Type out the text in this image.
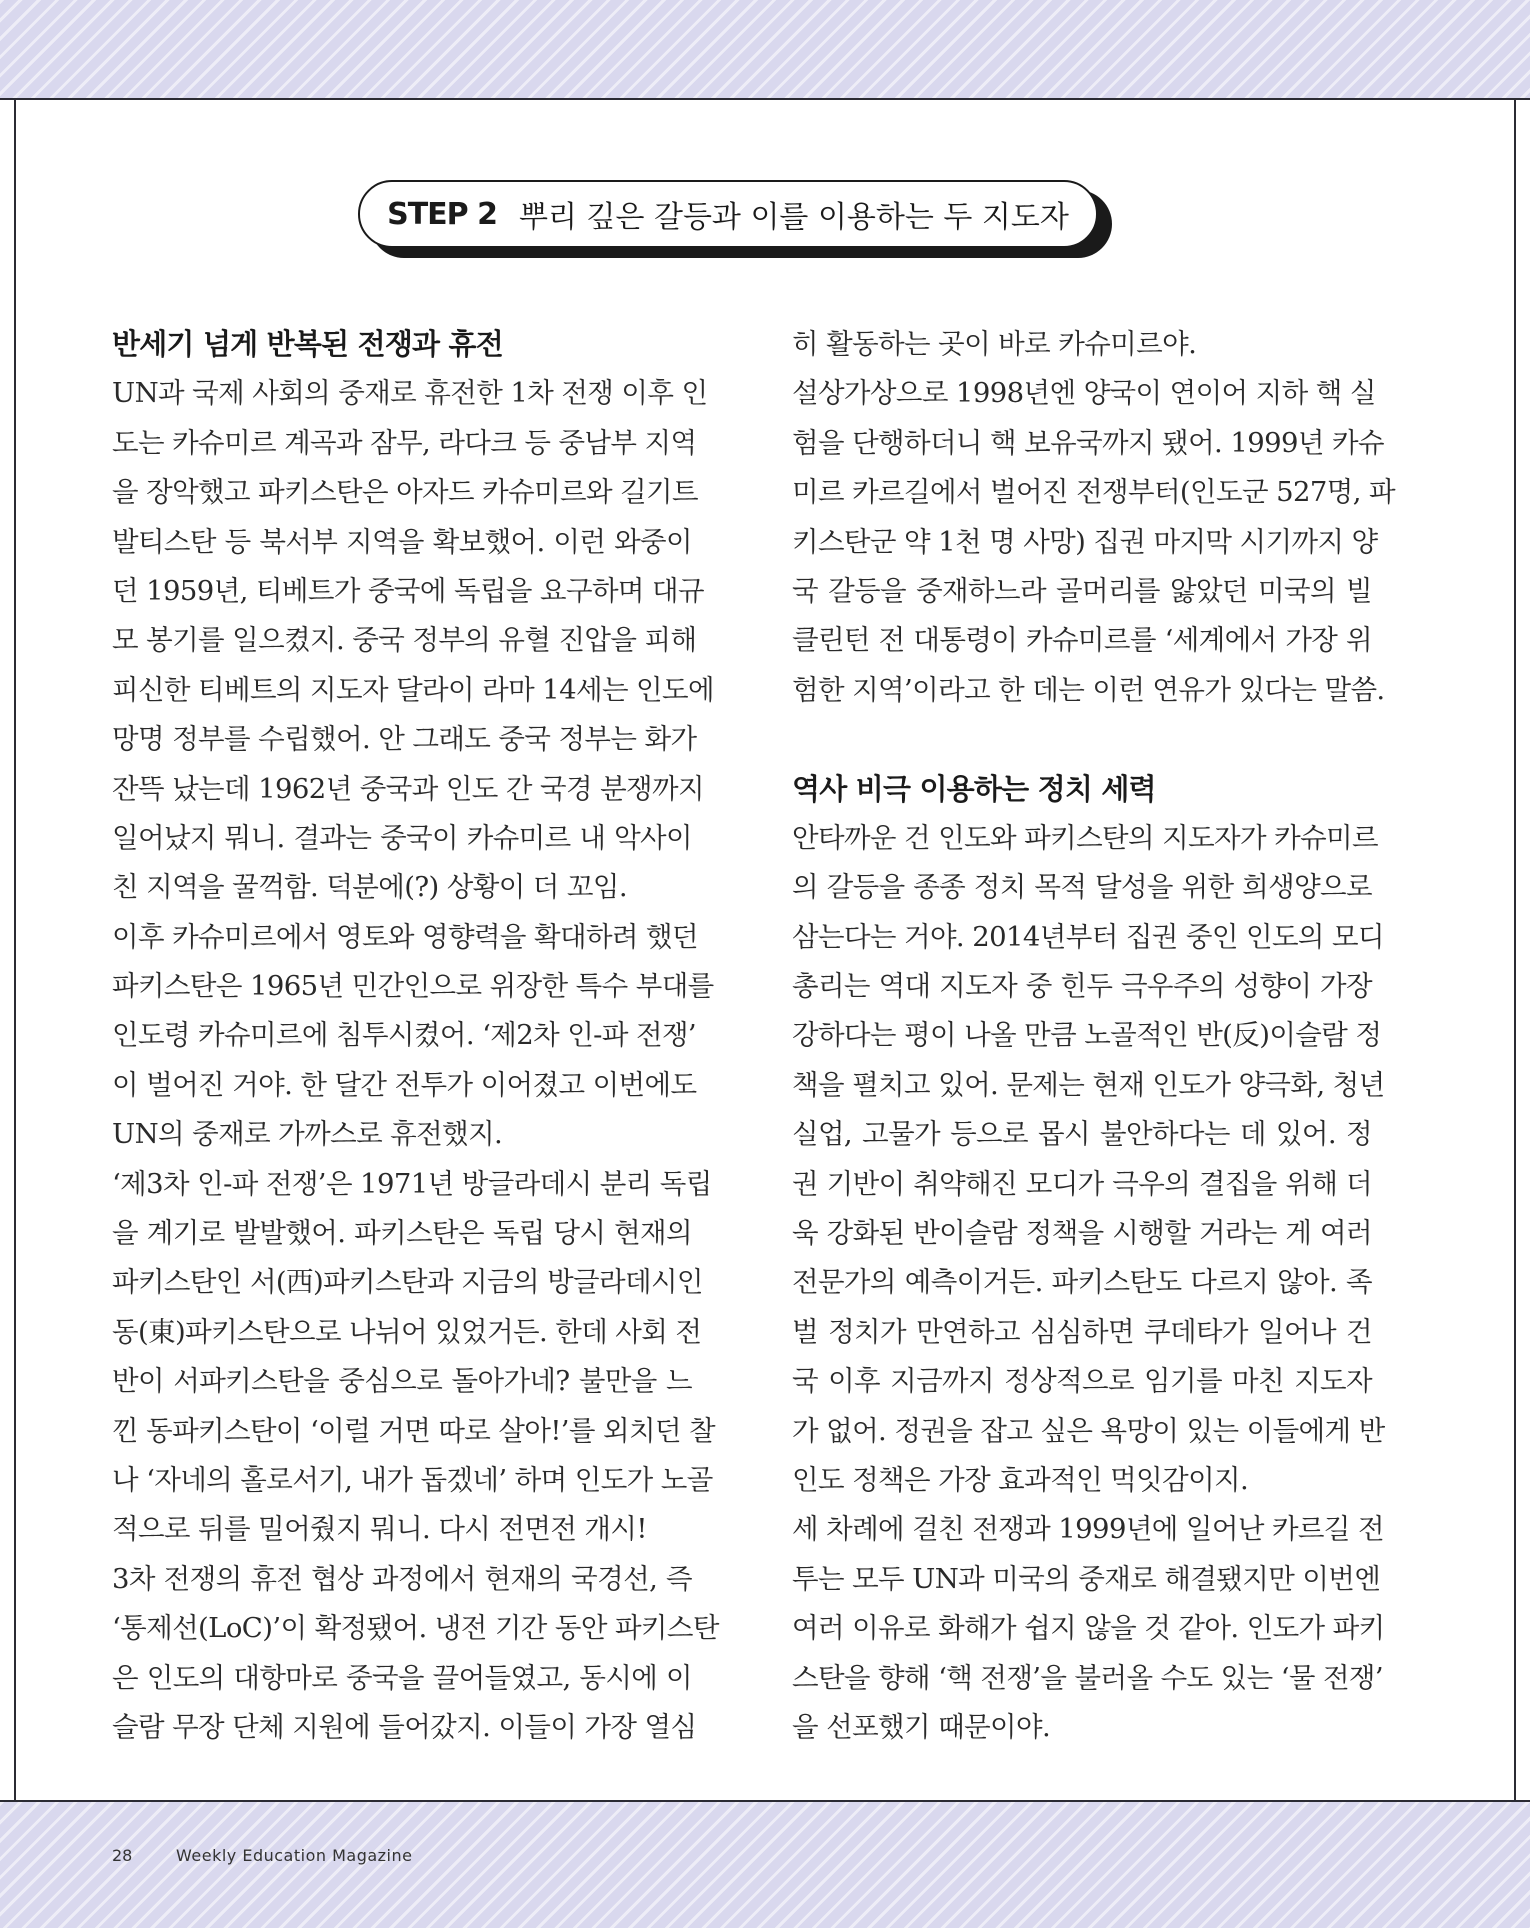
STEP 2 뿌리 깊은 갈등과 이를 이용하는 두 지도자
반세기 넘게 반복된 전쟁과 휴전
UN과 국제 사회의 중재로 휴전한 1차 전쟁 이후 인
도는 카슈미르 계곡과 잠무, 라다크 등 중남부 지역
을 장악했고 파키스탄은 아자드 카슈미르와 길기트
발티스탄 등 북서부 지역을 확보했어. 이런 와중이
던 1959년, 티베트가 중국에 독립을 요구하며 대규
모 봉기를 일으켰지. 중국 정부의 유혈 진압을 피해
피신한 티베트의 지도자 달라이 라마 14세는 인도에
망명 정부를 수립했어. 안 그래도 중국 정부는 화가
잔뜩 났는데 1962년 중국과 인도 간 국경 분쟁까지
일어났지 뭐니. 결과는 중국이 카슈미르 내 악사이
친 지역을 꿀꺽함. 덕분에(?) 상황이 더 꼬임.
이후 카슈미르에서 영토와 영향력을 확대하려 했던
파키스탄은 1965년 민간인으로 위장한 특수 부대를
인도령 카슈미르에 침투시켰어. ‘제2차 인-파 전쟁’
이 벌어진 거야. 한 달간 전투가 이어졌고 이번에도
UN의 중재로 가까스로 휴전했지.
‘제3차 인-파 전쟁’은 1971년 방글라데시 분리 독립
을 계기로 발발했어. 파키스탄은 독립 당시 현재의
파키스탄인 서(西)파키스탄과 지금의 방글라데시인
동(東)파키스탄으로 나뉘어 있었거든. 한데 사회 전
반이 서파키스탄을 중심으로 돌아가네? 불만을 느
낀 동파키스탄이 ‘이럴 거면 따로 살아!’를 외치던 찰
나 ‘자네의 홀로서기, 내가 돕겠네’ 하며 인도가 노골
적으로 뒤를 밀어줬지 뭐니. 다시 전면전 개시!
3차 전쟁의 휴전 협상 과정에서 현재의 국경선, 즉
‘통제선(LoC)’이 확정됐어. 냉전 기간 동안 파키스탄
은 인도의 대항마로 중국을 끌어들였고, 동시에 이
슬람 무장 단체 지원에 들어갔지. 이들이 가장 열심
히 활동하는 곳이 바로 카슈미르야.
설상가상으로 1998년엔 양국이 연이어 지하 핵 실
험을 단행하더니 핵 보유국까지 됐어. 1999년 카슈
미르 카르길에서 벌어진 전쟁부터(인도군 527명, 파
키스탄군 약 1천 명 사망) 집권 마지막 시기까지 양
국 갈등을 중재하느라 골머리를 앓았던 미국의 빌
클린턴 전 대통령이 카슈미르를 ‘세계에서 가장 위
험한 지역’이라고 한 데는 이런 연유가 있다는 말씀.
역사 비극 이용하는 정치 세력
안타까운 건 인도와 파키스탄의 지도자가 카슈미르
의 갈등을 종종 정치 목적 달성을 위한 희생양으로
삼는다는 거야. 2014년부터 집권 중인 인도의 모디
총리는 역대 지도자 중 힌두 극우주의 성향이 가장
강하다는 평이 나올 만큼 노골적인 반(反)이슬람 정
책을 펼치고 있어. 문제는 현재 인도가 양극화, 청년
실업, 고물가 등으로 몹시 불안하다는 데 있어. 정
권 기반이 취약해진 모디가 극우의 결집을 위해 더
욱 강화된 반이슬람 정책을 시행할 거라는 게 여러
전문가의 예측이거든. 파키스탄도 다르지 않아. 족
벌 정치가 만연하고 심심하면 쿠데타가 일어나 건
국 이후 지금까지 정상적으로 임기를 마친 지도자
가 없어. 정권을 잡고 싶은 욕망이 있는 이들에게 반
인도 정책은 가장 효과적인 먹잇감이지.
세 차례에 걸친 전쟁과 1999년에 일어난 카르길 전
투는 모두 UN과 미국의 중재로 해결됐지만 이번엔
여러 이유로 화해가 쉽지 않을 것 같아. 인도가 파키
스탄을 향해 ‘핵 전쟁’을 불러올 수도 있는 ‘물 전쟁’
을 선포했기 때문이야.
28	Weekly Education Magazine
